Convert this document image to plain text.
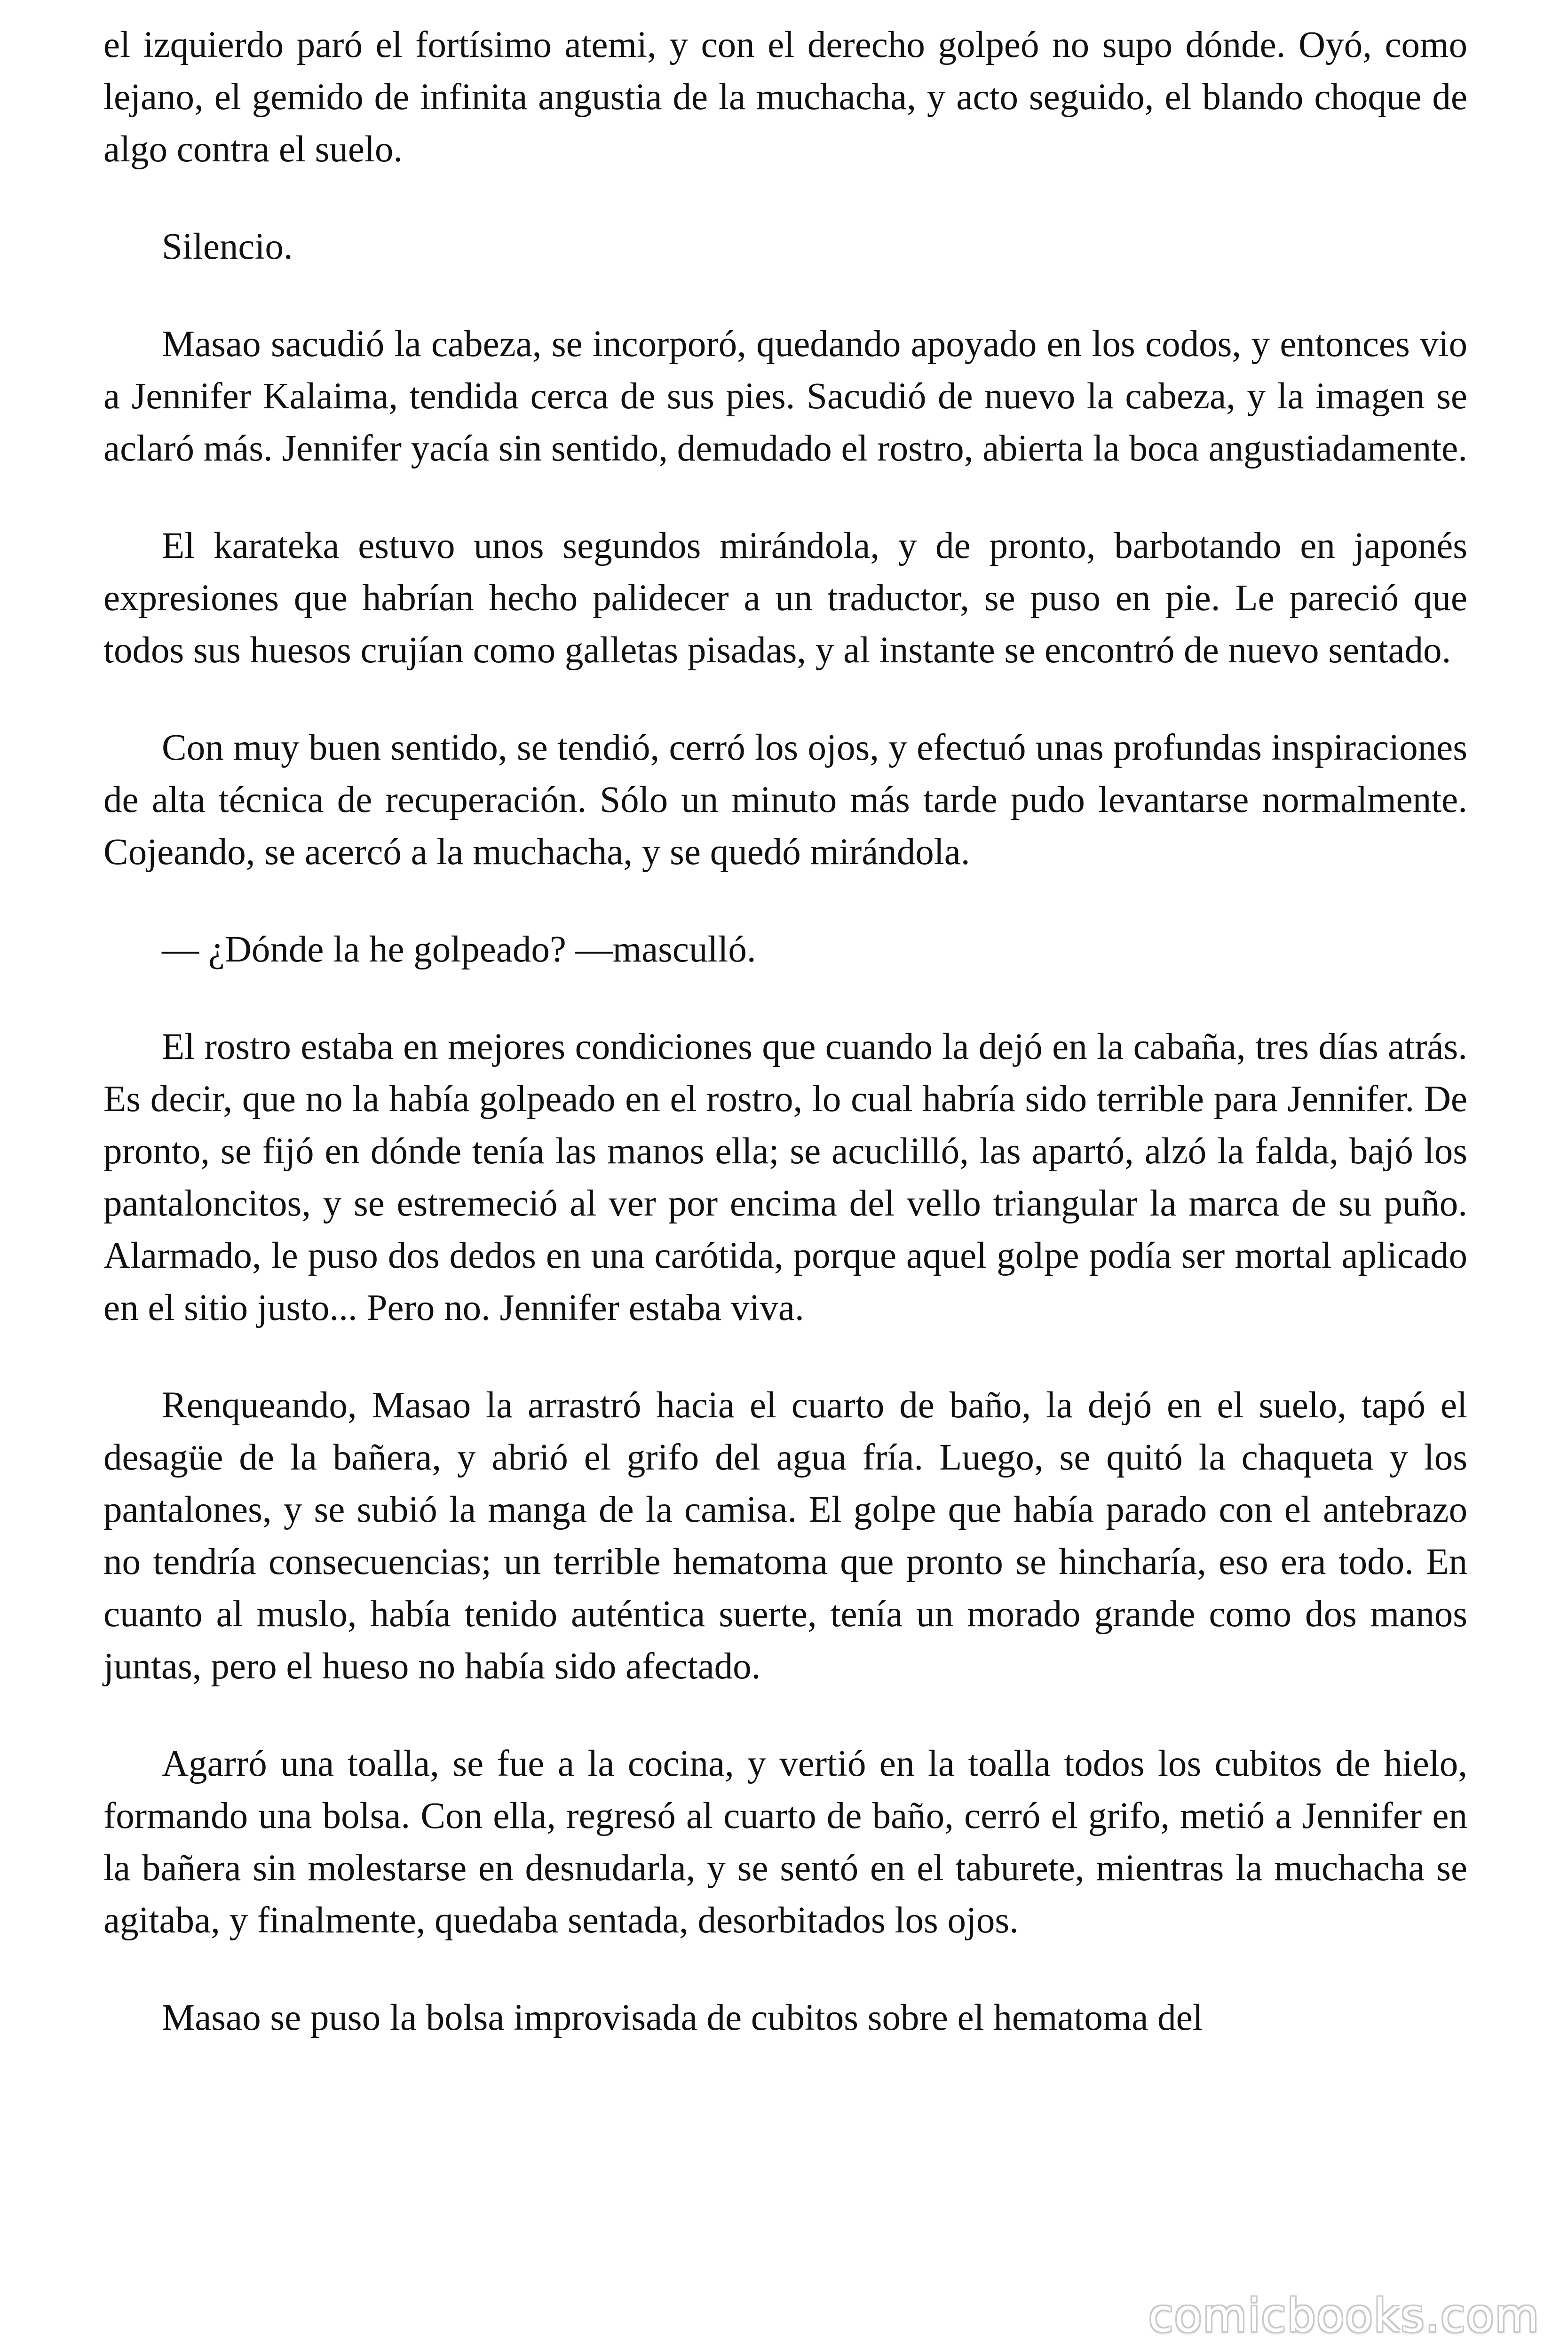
el izquierdo paró el fortísimo atemi, y con el derecho golpeó no supo dónde. Oyó, como lejano, el gemido de infinita angustia de la muchacha, y acto seguido, el blando choque de algo contra el suelo.

Silencio.

Masao sacudió la cabeza, se incorporó, quedando apoyado en los codos, y entonces vio a Jennifer Kalaima, tendida cerca de sus pies. Sacudió de nuevo la cabeza, y la imagen se aclaró más. Jennifer yacía sin sentido, demudado el rostro, abierta la boca angustiadamente.

El karateka estuvo unos segundos mirándola, y de pronto, barbotando en japonés expresiones que habrían hecho palidecer a un traductor, se puso en pie. Le pareció que todos sus huesos crujían como galletas pisadas, y al instante se encontró de nuevo sentado.

Con muy buen sentido, se tendió, cerró los ojos, y efectuó unas profundas inspiraciones de alta técnica de recuperación. Sólo un minuto más tarde pudo levantarse normalmente. Cojeando, se acercó a la muchacha, y se quedó mirándola.

— ¿Dónde la he golpeado? —masculló.

El rostro estaba en mejores condiciones que cuando la dejó en la cabaña, tres días atrás. Es decir, que no la había golpeado en el rostro, lo cual habría sido terrible para Jennifer. De pronto, se fijó en dónde tenía las manos ella; se acuclilló, las apartó, alzó la falda, bajó los pantaloncitos, y se estremeció al ver por encima del vello triangular la marca de su puño. Alarmado, le puso dos dedos en una carótida, porque aquel golpe podía ser mortal aplicado en el sitio justo... Pero no. Jennifer estaba viva.

Renqueando, Masao la arrastró hacia el cuarto de baño, la dejó en el suelo, tapó el desagüe de la bañera, y abrió el grifo del agua fría. Luego, se quitó la chaqueta y los pantalones, y se subió la manga de la camisa. El golpe que había parado con el antebrazo no tendría consecuencias; un terrible hematoma que pronto se hincharía, eso era todo. En cuanto al muslo, había tenido auténtica suerte, tenía un morado grande como dos manos juntas, pero el hueso no había sido afectado.

Agarró una toalla, se fue a la cocina, y vertió en la toalla todos los cubitos de hielo, formando una bolsa. Con ella, regresó al cuarto de baño, cerró el grifo, metió a Jennifer en la bañera sin molestarse en desnudarla, y se sentó en el taburete, mientras la muchacha se agitaba, y finalmente, quedaba sentada, desorbitados los ojos.

Masao se puso la bolsa improvisada de cubitos sobre el hematoma del

comicbooks.com
